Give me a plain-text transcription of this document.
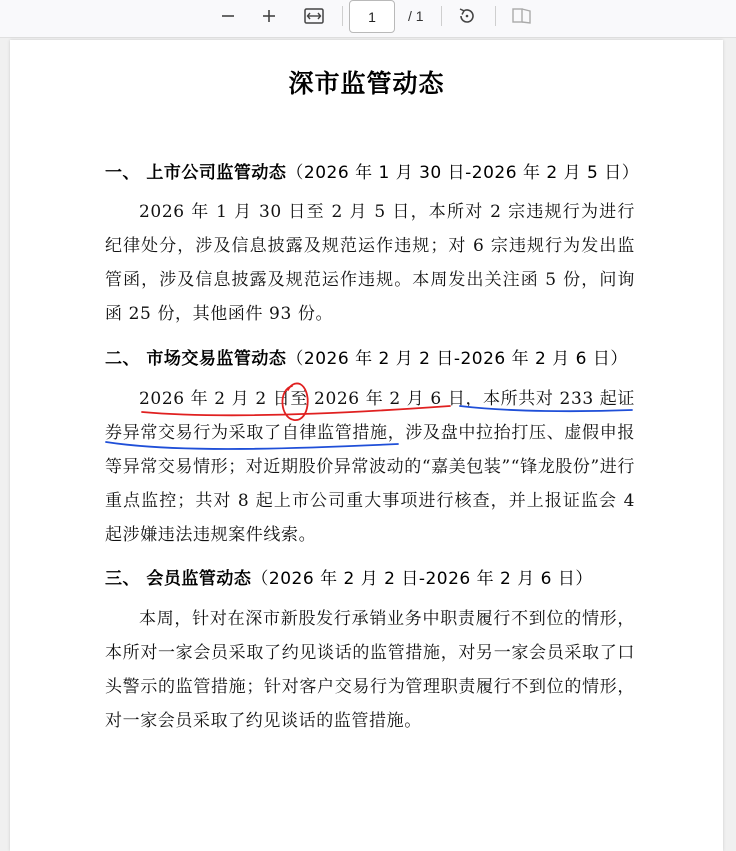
1	/ 1
深市监管动态
一、 上市公司监管动态（2026 年 1 月 30 日-2026 年 2 月 5 日）
2026 年 1 月 30 日至 2 月 5 日，本所对 2 宗违规行为进行纪律处分，涉及信息披露及规范运作违规；对 6 宗违规行为发出监管函，涉及信息披露及规范运作违规。本周发出关注函 5 份，问询函 25 份，其他函件 93 份。
二、 市场交易监管动态（2026 年 2 月 2 日-2026 年 2 月 6 日）
2026 年 2 月 2 日至 2026 年 2 月 6 日，本所共对 233 起证券异常交易行为采取了自律监管措施，涉及盘中拉抬打压、虚假申报等异常交易情形；对近期股价异常波动的“嘉美包装”“锋龙股份”进行重点监控；共对 8 起上市公司重大事项进行核查，并上报证监会 4 起涉嫌违法违规案件线索。
三、 会员监管动态（2026 年 2 月 2 日-2026 年 2 月 6 日）
本周，针对在深市新股发行承销业务中职责履行不到位的情形，本所对一家会员采取了约见谈话的监管措施，对另一家会员采取了口头警示的监管措施；针对客户交易行为管理职责履行不到位的情形，对一家会员采取了约见谈话的监管措施。
